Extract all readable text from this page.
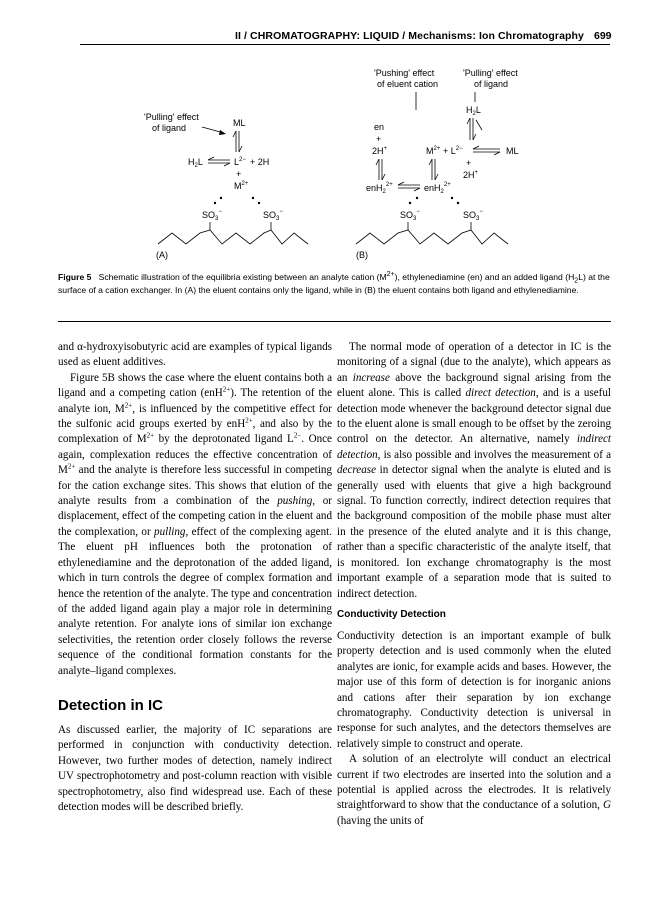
II / CHROMATOGRAPHY: LIQUID / Mechanisms: Ion Chromatography 699
'Pulling' effect
of ligand	ML
$H_2L$	$L^{2-} + 2H$
+
$M^{2+}$
$SO_3^-$	$SO_3^-$
(A)
'Pushing' effect
of eluent cation
'Pulling' effect
of ligand
$H_2L$
en
+
2H+	$M^{2+} + L^{2-}$	ML
+
2H+
enH$_2^{2+}$	enH$_2^{2+}$
$SO_3^-$	$SO_3^-$
(B)
Figure 5 Schematic illustration of the equilibria existing between an analyte cation $(M^{2+})$, ethylenediamine (en) and an added ligand $(H_2L)$ at the surface of a cation exchanger. In (A) the eluent contains only the ligand, while in (B) the eluent contains both ligand and ethylenediamine.

and α-hydroxyisobutyric acid are examples of typical ligands used as eluent additives.

Figure 5B shows the case where the eluent contains both a ligand and a competing cation (enH$^{2+}$). The retention of the analyte ion, $M^{2+}$, is influenced by the competitive effect for the sulfonic acid groups exerted by enH$^{2+}$, and also by the complexation of $M^{2+}$ by the deprotonated ligand $L^{2-}$. Once again, complexation reduces the effective concentration of $M^{2+}$ and the analyte is therefore less successful in competing for the cation exchange sites. This shows that elution of the analyte results from a combination of the pushing, or displacement, effect of the competing cation in the eluent and the complexation, or pulling, effect of the complexing agent. The eluent pH influences both the protonation of ethylenediamine and the deprotonation of the added ligand, which in turn controls the degree of complex formation and hence the retention of the analyte. The type and concentration of the added ligand again play a major role in determining analyte retention. For analyte ions of similar ion exchange selectivities, the retention order closely follows the reverse sequence of the conditional formation constants for the analyte–ligand complexes.

Detection in IC

As discussed earlier, the majority of IC separations are performed in conjunction with conductivity detection. However, two further modes of detection, namely indirect UV spectrophotometry and post-column reaction with visible spectrophotometry, also find widespread use. Each of these detection modes will be described briefly.

The normal mode of operation of a detector in IC is the monitoring of a signal (due to the analyte), which appears as an increase above the background signal arising from the eluent alone. This is called direct detection, and is a useful detection mode whenever the background detector signal due to the eluent alone is small enough to be offset by the zeroing control on the detector. An alternative, namely indirect detection, is also possible and involves the measurement of a decrease in detector signal when the analyte is eluted and is generally used with eluents that give a high background signal. To function correctly, indirect detection requires that the background composition of the mobile phase must alter in the presence of the eluted analyte and it is this change, rather than a specific characteristic of the analyte itself, that is monitored. Ion exchange chromatography is the most important example of a separation mode that is suited to indirect detection.

Conductivity Detection

Conductivity detection is an important example of bulk property detection and is used commonly when the eluted analytes are ionic, for example acids and bases. However, the major use of this form of detection is for inorganic anions and cations after their separation by ion exchange chromatography. Conductivity detection is universal in response for such analytes, and the detectors themselves are relatively simple to construct and operate.

A solution of an electrolyte will conduct an electrical current if two electrodes are inserted into the solution and a potential is applied across the electrodes. It is relatively straightforward to show that the conductance of a solution, G (having the units of
